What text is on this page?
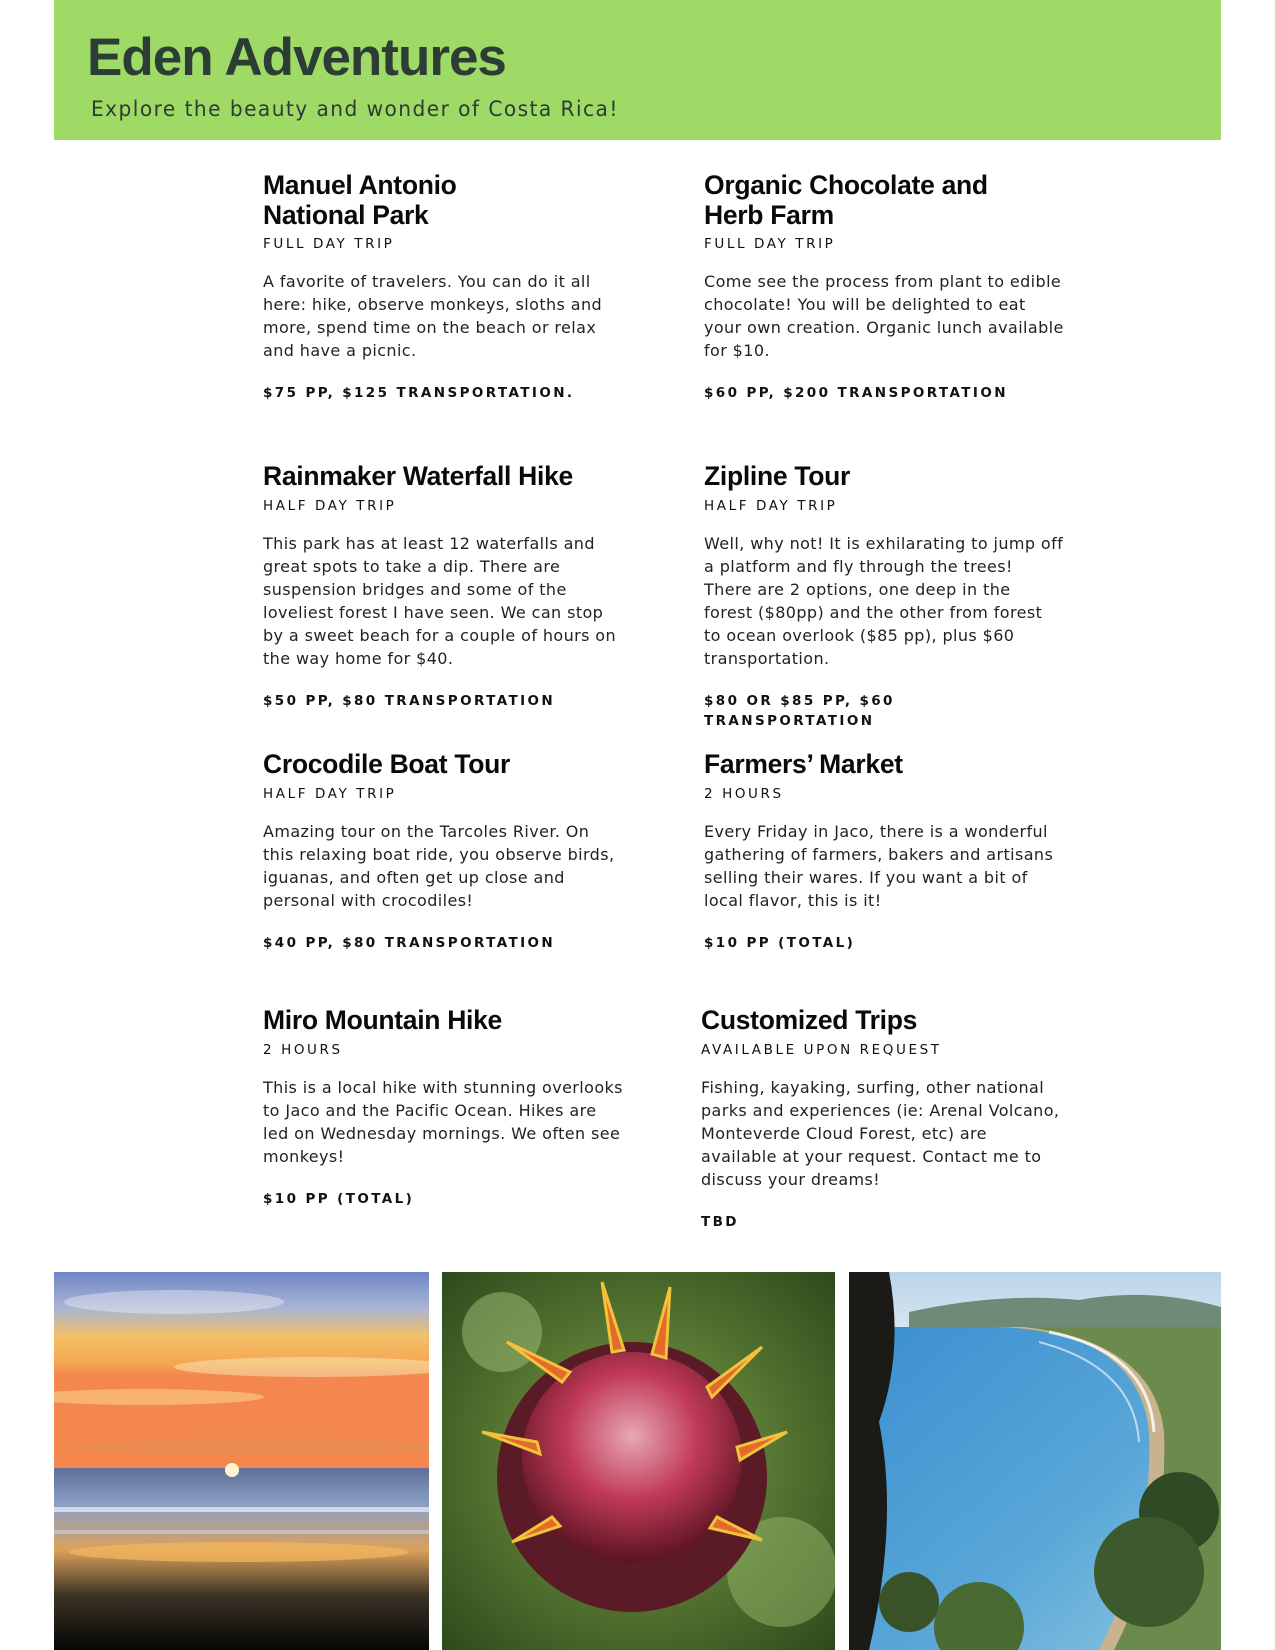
Eden Adventures

Explore the beauty and wonder of Costa Rica!

Manuel Antonio
National Park

FULL DAY TRIP

A favorite of travelers. You can do it all here: hike, observe monkeys, sloths and more, spend time on the beach or relax and have a picnic.

$75 PP, $125 TRANSPORTATION.

Organic Chocolate and
Herb Farm

FULL DAY TRIP

Come see the process from plant to edible chocolate! You will be delighted to eat your own creation. Organic lunch available for $10.

$60 PP, $200 TRANSPORTATION

Rainmaker Waterfall Hike

HALF DAY TRIP

This park has at least 12 waterfalls and great spots to take a dip. There are suspension bridges and some of the loveliest forest I have seen. We can stop by a sweet beach for a couple of hours on the way home for $40.

$50 PP, $80 TRANSPORTATION

Zipline Tour

HALF DAY TRIP

Well, why not! It is exhilarating to jump off a platform and fly through the trees! There are 2 options, one deep in the forest ($80pp) and the other from forest to ocean overlook ($85 pp), plus $60 transportation.

$80 OR $85 PP, $60 TRANSPORTATION

Crocodile Boat Tour

HALF DAY TRIP

Amazing tour on the Tarcoles River. On this relaxing boat ride, you observe birds, iguanas, and often get up close and personal with crocodiles!

$40 PP, $80 TRANSPORTATION

Farmers’ Market

2 HOURS

Every Friday in Jaco, there is a wonderful gathering of farmers, bakers and artisans selling their wares. If you want a bit of local flavor, this is it!

$10 PP (TOTAL)

Miro Mountain Hike

2 HOURS

This is a local hike with stunning overlooks to Jaco and the Pacific Ocean. Hikes are led on Wednesday mornings. We often see monkeys!

$10 PP (TOTAL)

Customized Trips

AVAILABLE UPON REQUEST

Fishing, kayaking, surfing, other national parks and experiences (ie: Arenal Volcano, Monteverde Cloud Forest, etc) are available at your request. Contact me to discuss your dreams!

TBD
